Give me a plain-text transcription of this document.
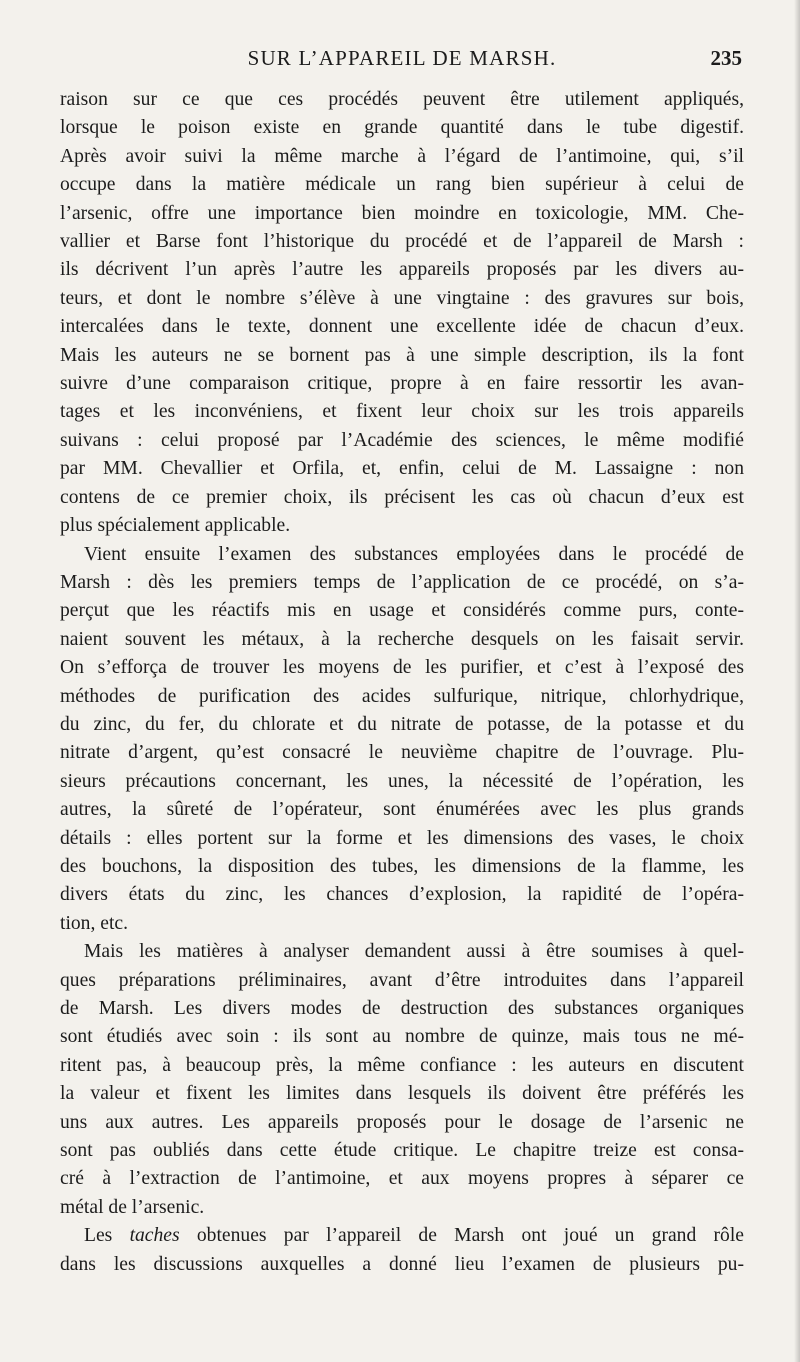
SUR L’APPAREIL DE MARSH.	235
raison sur ce que ces procédés peuvent être utilement appliqués,
lorsque le poison existe en grande quantité dans le tube digestif.
Après avoir suivi la même marche à l’égard de l’antimoine, qui, s’il
occupe dans la matière médicale un rang bien supérieur à celui de
l’arsenic, offre une importance bien moindre en toxicologie, MM. Che-
vallier et Barse font l’historique du procédé et de l’appareil de Marsh :
ils décrivent l’un après l’autre les appareils proposés par les divers au-
teurs, et dont le nombre s’élève à une vingtaine : des gravures sur bois,
intercalées dans le texte, donnent une excellente idée de chacun d’eux.
Mais les auteurs ne se bornent pas à une simple description, ils la font
suivre d’une comparaison critique, propre à en faire ressortir les avan-
tages et les inconvéniens, et fixent leur choix sur les trois appareils
suivans : celui proposé par l’Académie des sciences, le même modifié
par MM. Chevallier et Orfila, et, enfin, celui de M. Lassaigne : non
contens de ce premier choix, ils précisent les cas où chacun d’eux est
plus spécialement applicable.
Vient ensuite l’examen des substances employées dans le procédé de
Marsh : dès les premiers temps de l’application de ce procédé, on s’a-
perçut que les réactifs mis en usage et considérés comme purs, conte-
naient souvent les métaux, à la recherche desquels on les faisait servir.
On s’efforça de trouver les moyens de les purifier, et c’est à l’exposé des
méthodes de purification des acides sulfurique, nitrique, chlorhydrique,
du zinc, du fer, du chlorate et du nitrate de potasse, de la potasse et du
nitrate d’argent, qu’est consacré le neuvième chapitre de l’ouvrage. Plu-
sieurs précautions concernant, les unes, la nécessité de l’opération, les
autres, la sûreté de l’opérateur, sont énumérées avec les plus grands
détails : elles portent sur la forme et les dimensions des vases, le choix
des bouchons, la disposition des tubes, les dimensions de la flamme, les
divers états du zinc, les chances d’explosion, la rapidité de l’opéra-
tion, etc.
Mais les matières à analyser demandent aussi à être soumises à quel-
ques préparations préliminaires, avant d’être introduites dans l’appareil
de Marsh. Les divers modes de destruction des substances organiques
sont étudiés avec soin : ils sont au nombre de quinze, mais tous ne mé-
ritent pas, à beaucoup près, la même confiance : les auteurs en discutent
la valeur et fixent les limites dans lesquels ils doivent être préférés les
uns aux autres. Les appareils proposés pour le dosage de l’arsenic ne
sont pas oubliés dans cette étude critique. Le chapitre treize est consa-
cré à l’extraction de l’antimoine, et aux moyens propres à séparer ce
métal de l’arsenic.
Les taches obtenues par l’appareil de Marsh ont joué un grand rôle
dans les discussions auxquelles a donné lieu l’examen de plusieurs pu-
